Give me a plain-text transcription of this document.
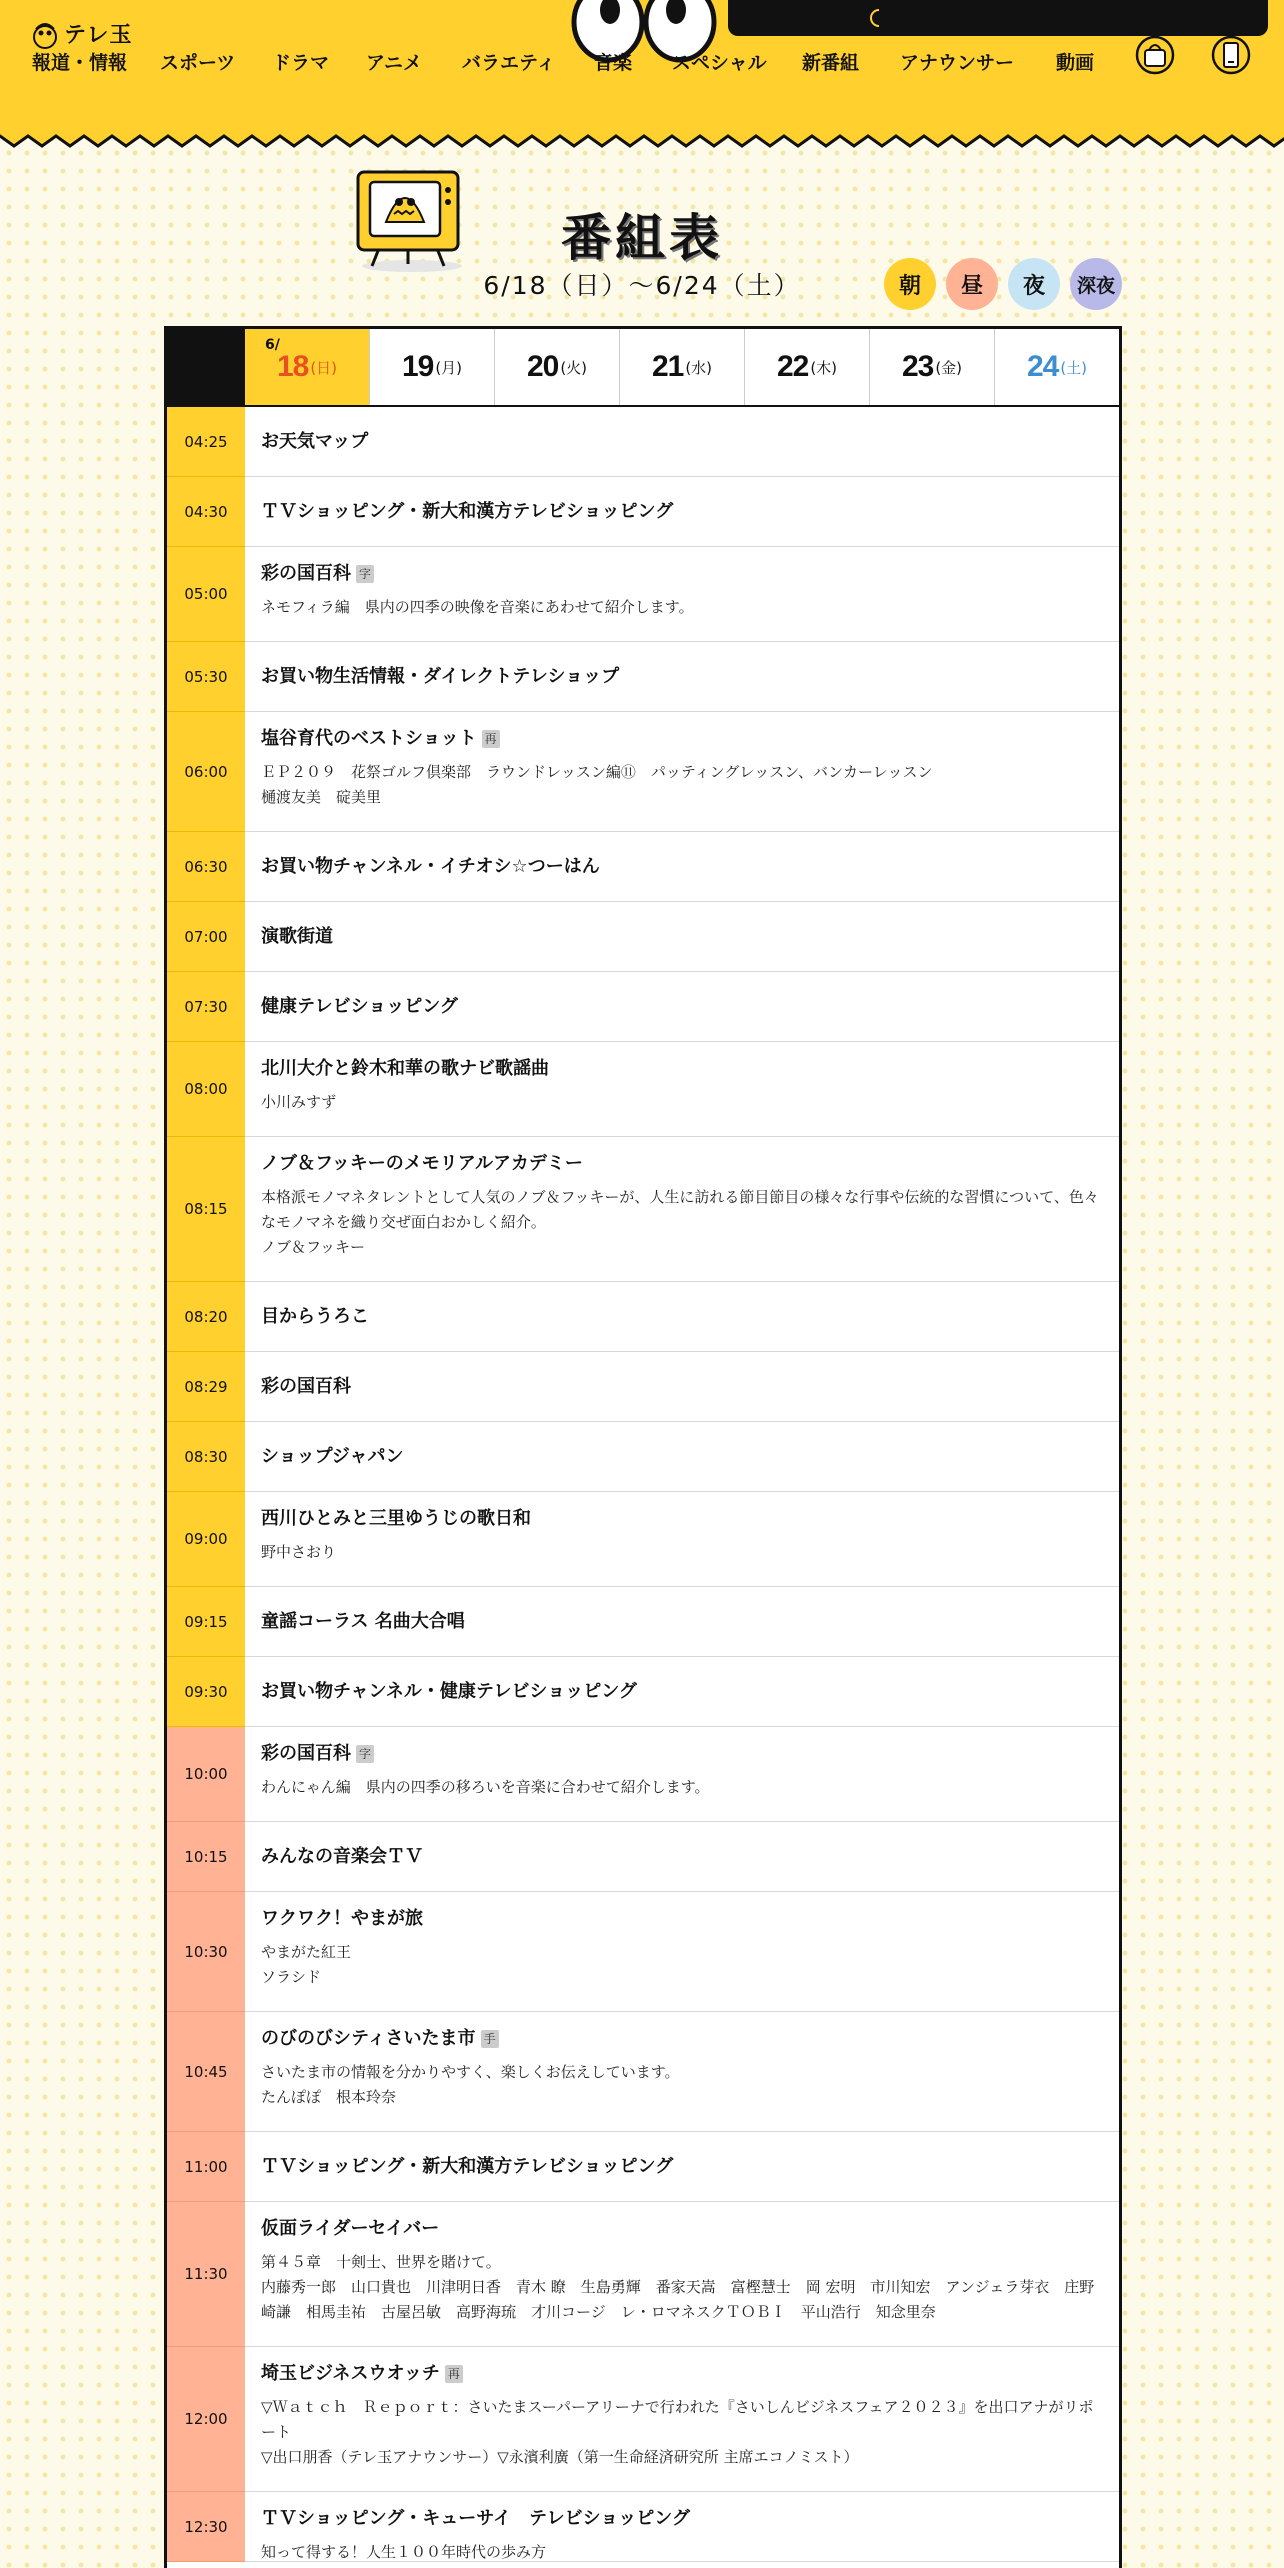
テレ玉
報道・情報 スポーツ ドラマ アニメ バラエティ 音楽 スペシャル 新番組 アナウンサー 動画
番組表
6/18（日）〜6/24（土）	朝	昼	夜	深夜
6/
18 (日) 19 (月) 20 (火) 21 (水) 22 (木) 23 (金) 24 (土)
04:25	お天気マップ
04:30	ＴＶショッピング・新大和漢方テレビショッピング
05:00
彩の国百科 字
ネモフィラ編　県内の四季の映像を音楽にあわせて紹介します。
05:30	お買い物生活情報・ダイレクトテレショップ
06:00
塩谷育代のベストショット 再
ＥＰ２０９　花祭ゴルフ倶楽部　ラウンドレッスン編⑪　パッティングレッスン、バンカーレッスン
樋渡友美　碇美里
06:30	お買い物チャンネル・イチオシ☆つーはん
07:00	演歌街道
07:30	健康テレビショッピング
08:00
北川大介と鈴木和華の歌ナビ歌謡曲
小川みすず
08:15
ノブ＆フッキーのメモリアルアカデミー
本格派モノマネタレントとして人気のノブ＆フッキーが、人生に訪れる節目節目の様々な行事や伝統的な習慣について、色々なモノマネを織り交ぜ面白おかしく紹介。
ノブ＆フッキー
08:20	目からうろこ
08:29	彩の国百科
08:30	ショップジャパン
09:00
西川ひとみと三里ゆうじの歌日和
野中さおり
09:15	童謡コーラス 名曲大合唱
09:30	お買い物チャンネル・健康テレビショッピング
10:00
彩の国百科 字
わんにゃん編　県内の四季の移ろいを音楽に合わせて紹介します。
10:15	みんなの音楽会ＴＶ
10:30
ワクワク！やまが旅
やまがた紅王
ソラシド
10:45
のびのびシティさいたま市 手
さいたま市の情報を分かりやすく、楽しくお伝えしています。
たんぽぽ　根本玲奈
11:00	ＴＶショッピング・新大和漢方テレビショッピング
11:30
仮面ライダーセイバー
第４５章　十剣士、世界を賭けて。
内藤秀一郎　山口貴也　川津明日香　青木 瞭　生島勇輝　番家天嵩　富樫慧士　岡 宏明　市川知宏　アンジェラ芽衣　庄野崎謙　相馬圭祐　古屋呂敏　高野海琉　才川コージ　レ・ロマネスクＴＯＢＩ　平山浩行　知念里奈
12:00
埼玉ビジネスウオッチ 再
▽Ｗａｔｃｈ　Ｒｅｐｏｒｔ：さいたまスーパーアリーナで行われた『さいしんビジネスフェア２０２３』を出口アナがリポート
▽出口朋香（テレ玉アナウンサー）▽永濱利廣（第一生命経済研究所 主席エコノミスト）
12:30	ＴＶショッピング・キューサイ　テレビショッピング
知って得する！人生１００年時代の歩み方
